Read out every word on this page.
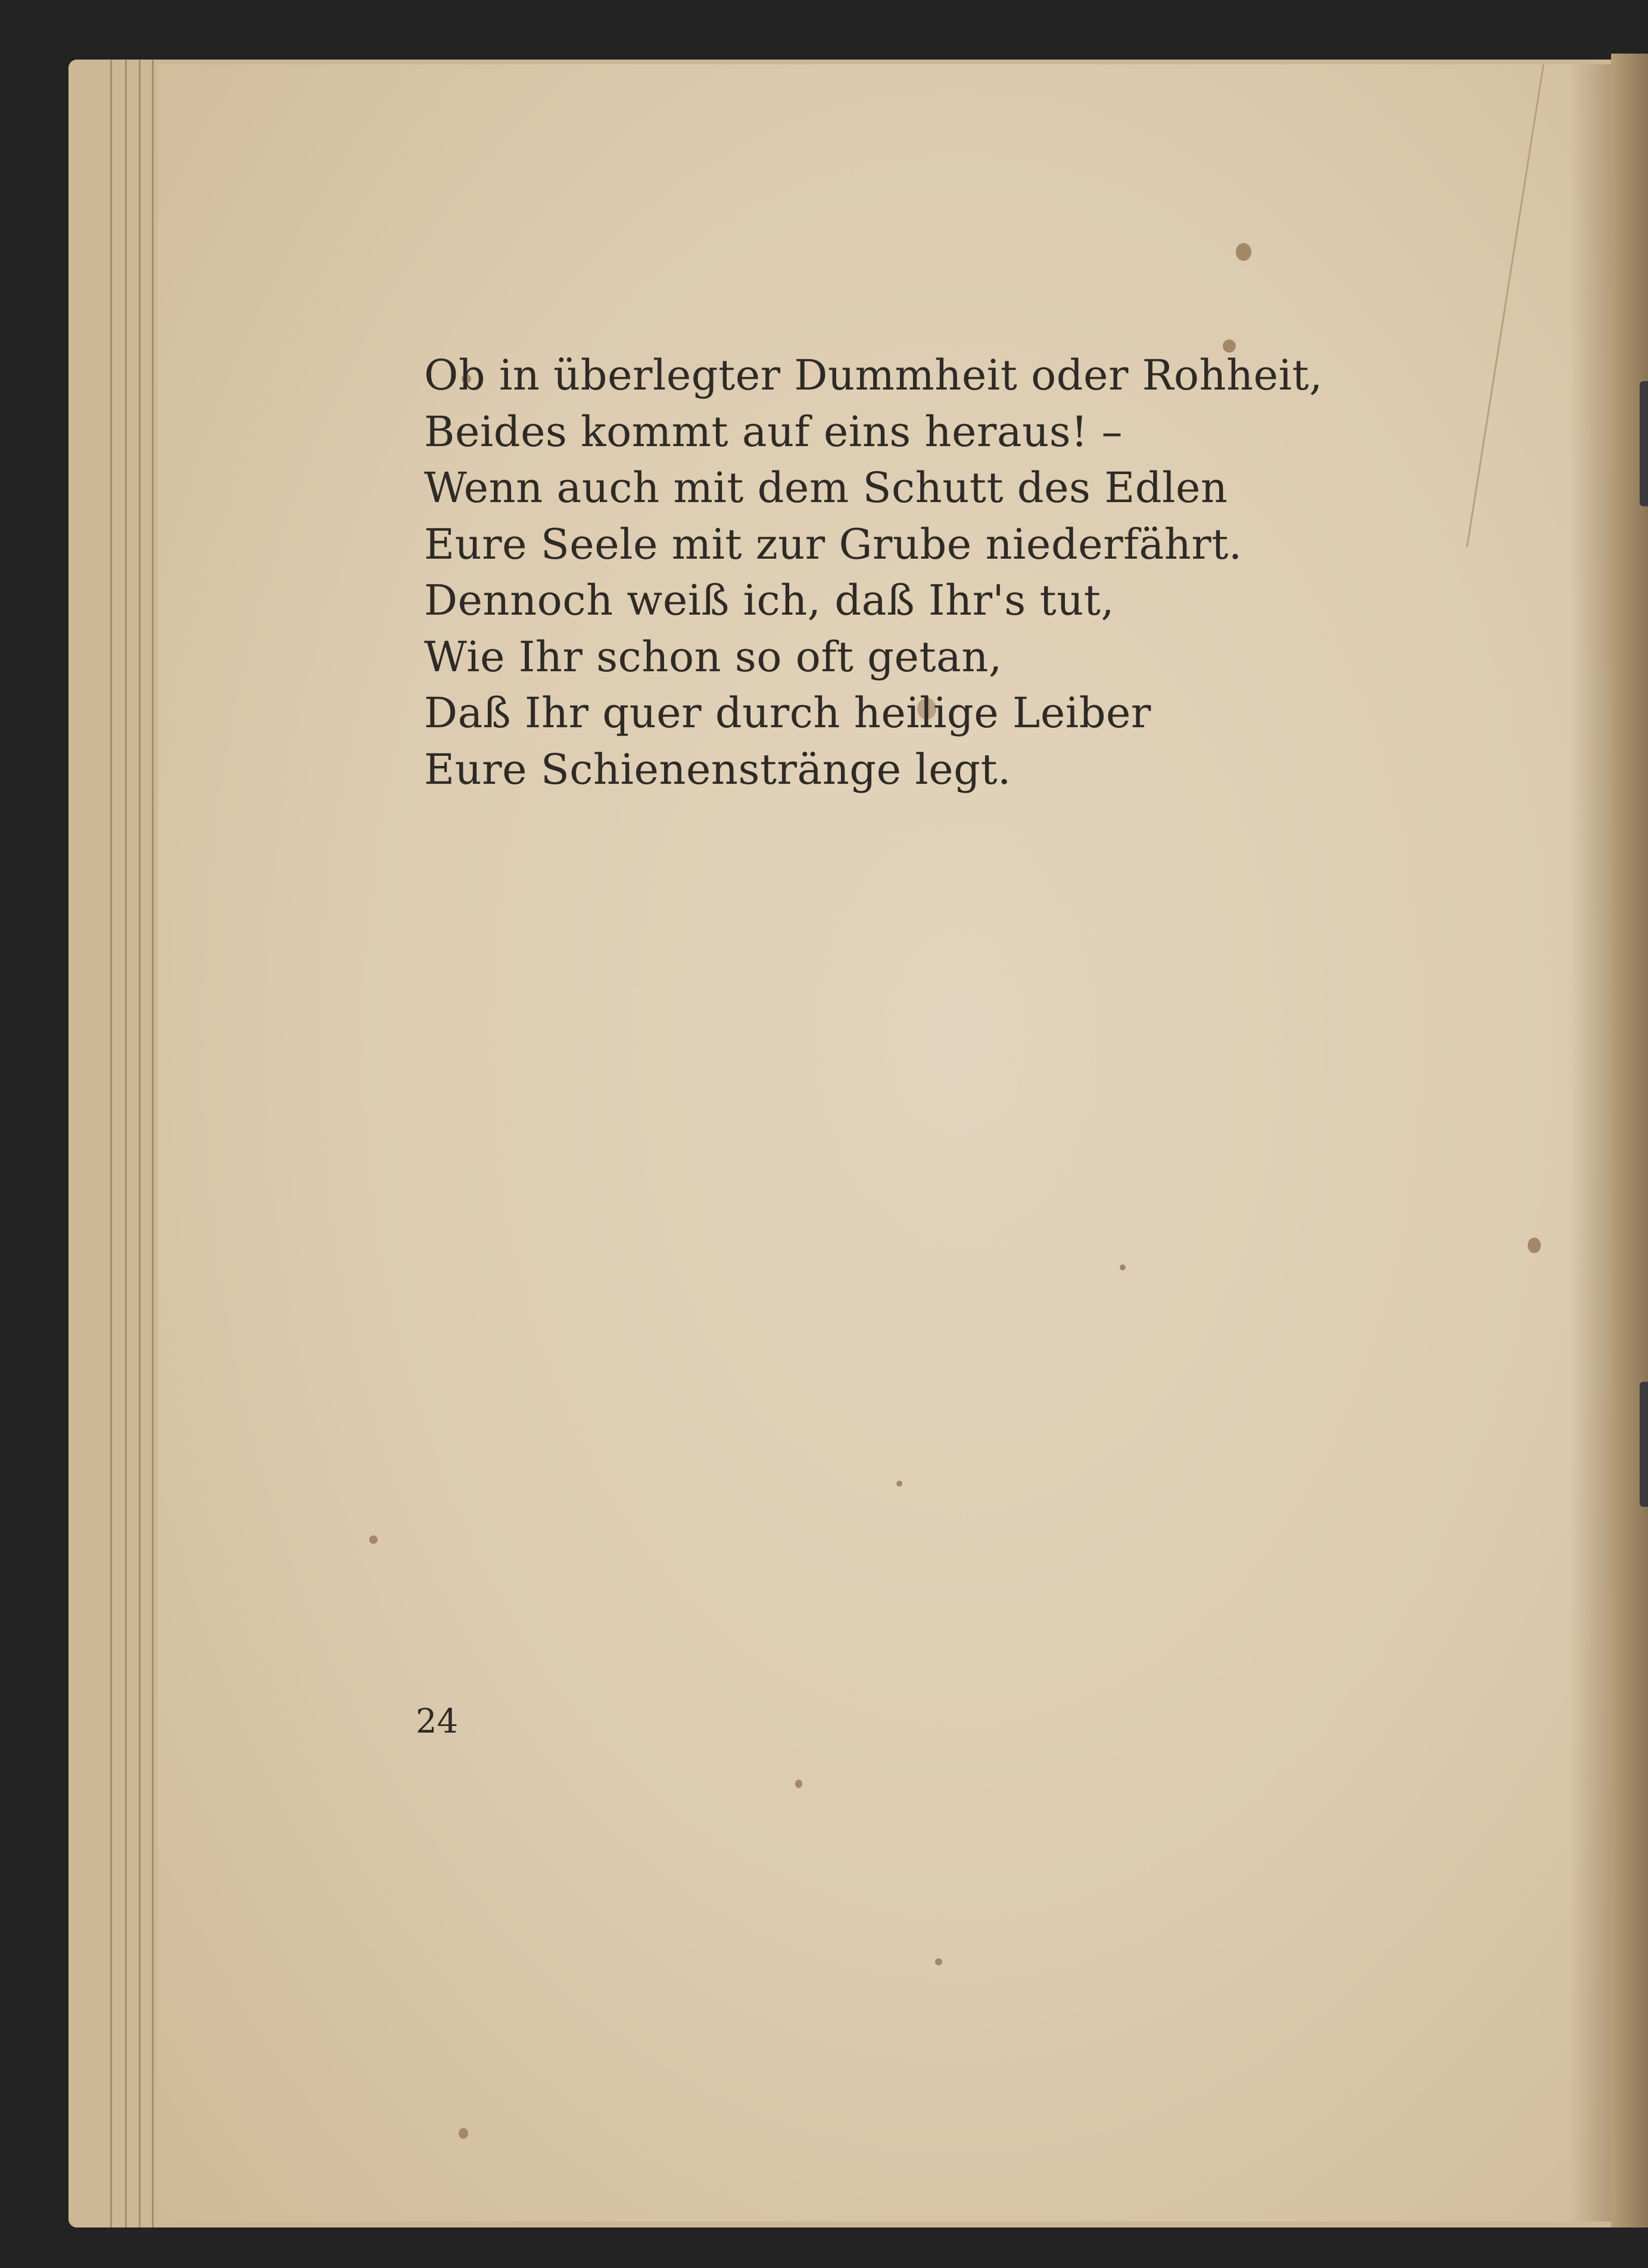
Ob in überlegter Dummheit oder Rohheit,
Beides kommt auf eins heraus! –
Wenn auch mit dem Schutt des Edlen
Eure Seele mit zur Grube niederfährt.
Dennoch weiß ich, daß Ihr's tut,
Wie Ihr schon so oft getan,
Daß Ihr quer durch heilige Leiber
Eure Schienenstränge legt.
24
